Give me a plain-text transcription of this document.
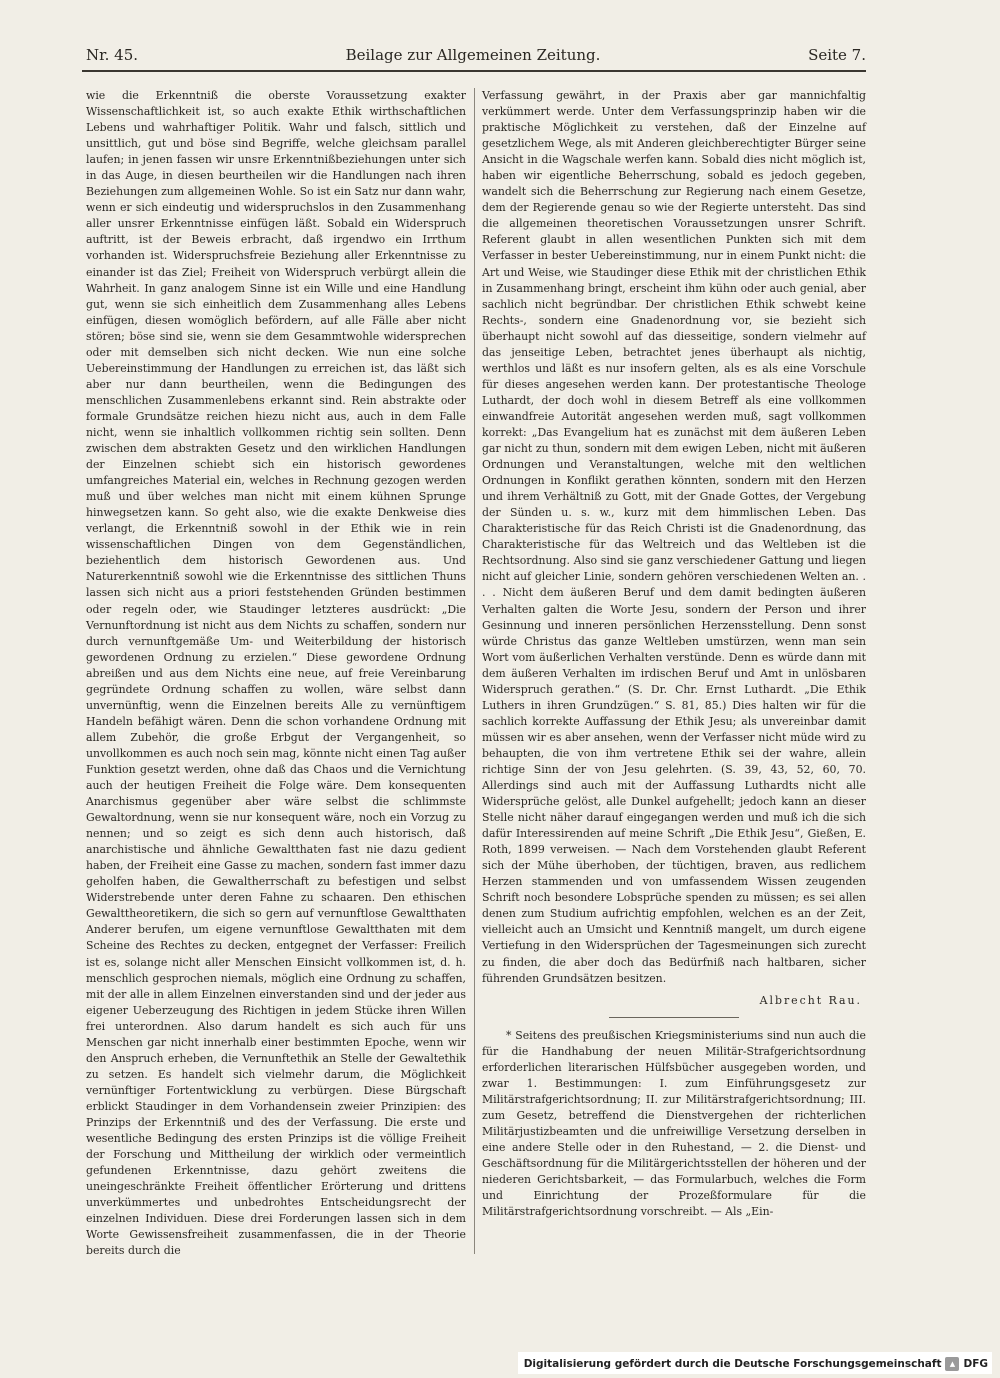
Nr. 45.	Beilage zur Allgemeinen Zeitung.	Seite 7.

wie die Erkenntniß die oberste Voraussetzung exakter Wissenschaftlichkeit ist, so auch exakte Ethik wirthschaftlichen Lebens und wahrhaftiger Politik. Wahr und falsch, sittlich und unsittlich, gut und böse sind Begriffe, welche gleichsam parallel laufen; in jenen fassen wir unsre Erkenntnißbeziehungen unter sich in das Auge, in diesen beurtheilen wir die Handlungen nach ihren Beziehungen zum allgemeinen Wohle. So ist ein Satz nur dann wahr, wenn er sich eindeutig und widerspruchslos in den Zusammenhang aller unsrer Erkenntnisse einfügen läßt. Sobald ein Widerspruch auftritt, ist der Beweis erbracht, daß irgendwo ein Irrthum vorhanden ist. Widerspruchsfreie Beziehung aller Erkenntnisse zu einander ist das Ziel; Freiheit von Widerspruch verbürgt allein die Wahrheit. In ganz analogem Sinne ist ein Wille und eine Handlung gut, wenn sie sich einheitlich dem Zusammenhang alles Lebens einfügen, diesen womöglich befördern, auf alle Fälle aber nicht stören; böse sind sie, wenn sie dem Gesammtwohle widersprechen oder mit demselben sich nicht decken. Wie nun eine solche Uebereinstimmung der Handlungen zu erreichen ist, das läßt sich aber nur dann beurtheilen, wenn die Bedingungen des menschlichen Zusammenlebens erkannt sind. Rein abstrakte oder formale Grundsätze reichen hiezu nicht aus, auch in dem Falle nicht, wenn sie inhaltlich vollkommen richtig sein sollten. Denn zwischen dem abstrakten Gesetz und den wirklichen Handlungen der Einzelnen schiebt sich ein historisch gewordenes umfangreiches Material ein, welches in Rechnung gezogen werden muß und über welches man nicht mit einem kühnen Sprunge hinwegsetzen kann. So geht also, wie die exakte Denkweise dies verlangt, die Erkenntniß sowohl in der Ethik wie in rein wissenschaftlichen Dingen von dem Gegenständlichen, beziehentlich dem historisch Gewordenen aus. Und Naturerkenntniß sowohl wie die Erkenntnisse des sittlichen Thuns lassen sich nicht aus a priori feststehenden Gründen bestimmen oder regeln oder, wie Staudinger letzteres ausdrückt: „Die Vernunftordnung ist nicht aus dem Nichts zu schaffen, sondern nur durch vernunftgemäße Um- und Weiterbildung der historisch gewordenen Ordnung zu erzielen.“ Diese gewordene Ordnung abreißen und aus dem Nichts eine neue, auf freie Vereinbarung gegründete Ordnung schaffen zu wollen, wäre selbst dann unvernünftig, wenn die Einzelnen bereits Alle zu vernünftigem Handeln befähigt wären. Denn die schon vorhandene Ordnung mit allem Zubehör, die große Erbgut der Vergangenheit, so unvollkommen es auch noch sein mag, könnte nicht einen Tag außer Funktion gesetzt werden, ohne daß das Chaos und die Vernichtung auch der heutigen Freiheit die Folge wäre. Dem konsequenten Anarchismus gegenüber aber wäre selbst die schlimmste Gewaltordnung, wenn sie nur konsequent wäre, noch ein Vorzug zu nennen; und so zeigt es sich denn auch historisch, daß anarchistische und ähnliche Gewaltthaten fast nie dazu gedient haben, der Freiheit eine Gasse zu machen, sondern fast immer dazu geholfen haben, die Gewaltherrschaft zu befestigen und selbst Widerstrebende unter deren Fahne zu schaaren. Den ethischen Gewalttheoretikern, die sich so gern auf vernunftlose Gewaltthaten Anderer berufen, um eigene vernunftlose Gewaltthaten mit dem Scheine des Rechtes zu decken, entgegnet der Verfasser: Freilich ist es, solange nicht aller Menschen Einsicht vollkommen ist, d. h. menschlich gesprochen niemals, möglich eine Ordnung zu schaffen, mit der alle in allem Einzelnen einverstanden sind und der jeder aus eigener Ueberzeugung des Richtigen in jedem Stücke ihren Willen frei unterordnen. Also darum handelt es sich auch für uns Menschen gar nicht innerhalb einer bestimmten Epoche, wenn wir den Anspruch erheben, die Vernunftethik an Stelle der Gewaltethik zu setzen. Es handelt sich vielmehr darum, die Möglichkeit vernünftiger Fortentwicklung zu verbürgen. Diese Bürgschaft erblickt Staudinger in dem Vorhandensein zweier Prinzipien: des Prinzips der Erkenntniß und des der Verfassung. Die erste und wesentliche Bedingung des ersten Prinzips ist die völlige Freiheit der Forschung und Mittheilung der wirklich oder vermeintlich gefundenen Erkenntnisse, dazu gehört zweitens die uneingeschränkte Freiheit öffentlicher Erörterung und drittens unverkümmertes und unbedrohtes Entscheidungsrecht der einzelnen Individuen. Diese drei Forderungen lassen sich in dem Worte Gewissensfreiheit zusammenfassen, die in der Theorie bereits durch die

Verfassung gewährt, in der Praxis aber gar mannichfaltig verkümmert werde. Unter dem Verfassungsprinzip haben wir die praktische Möglichkeit zu verstehen, daß der Einzelne auf gesetzlichem Wege, als mit Anderen gleichberechtigter Bürger seine Ansicht in die Wagschale werfen kann. Sobald dies nicht möglich ist, haben wir eigentliche Beherrschung, sobald es jedoch gegeben, wandelt sich die Beherrschung zur Regierung nach einem Gesetze, dem der Regierende genau so wie der Regierte untersteht. Das sind die allgemeinen theoretischen Voraussetzungen unsrer Schrift. Referent glaubt in allen wesentlichen Punkten sich mit dem Verfasser in bester Uebereinstimmung, nur in einem Punkt nicht: die Art und Weise, wie Staudinger diese Ethik mit der christlichen Ethik in Zusammenhang bringt, erscheint ihm kühn oder auch genial, aber sachlich nicht begründbar. Der christlichen Ethik schwebt keine Rechts-, sondern eine Gnadenordnung vor, sie bezieht sich überhaupt nicht sowohl auf das diesseitige, sondern vielmehr auf das jenseitige Leben, betrachtet jenes überhaupt als nichtig, werthlos und läßt es nur insofern gelten, als es als eine Vorschule für dieses angesehen werden kann. Der protestantische Theologe Luthardt, der doch wohl in diesem Betreff als eine vollkommen einwandfreie Autorität angesehen werden muß, sagt vollkommen korrekt: „Das Evangelium hat es zunächst mit dem äußeren Leben gar nicht zu thun, sondern mit dem ewigen Leben, nicht mit äußeren Ordnungen und Veranstaltungen, welche mit den weltlichen Ordnungen in Konflikt gerathen könnten, sondern mit den Herzen und ihrem Verhältniß zu Gott, mit der Gnade Gottes, der Vergebung der Sünden u. s. w., kurz mit dem himmlischen Leben. Das Charakteristische für das Reich Christi ist die Gnadenordnung, das Charakteristische für das Weltreich und das Weltleben ist die Rechtsordnung. Also sind sie ganz verschiedener Gattung und liegen nicht auf gleicher Linie, sondern gehören verschiedenen Welten an. . . . Nicht dem äußeren Beruf und dem damit bedingten äußeren Verhalten galten die Worte Jesu, sondern der Person und ihrer Gesinnung und inneren persönlichen Herzensstellung. Denn sonst würde Christus das ganze Weltleben umstürzen, wenn man sein Wort vom äußerlichen Verhalten verstünde. Denn es würde dann mit dem äußeren Verhalten im irdischen Beruf und Amt in unlösbaren Widerspruch gerathen.“ (S. Dr. Chr. Ernst Luthardt. „Die Ethik Luthers in ihren Grundzügen.“ S. 81, 85.) Dies halten wir für die sachlich korrekte Auffassung der Ethik Jesu; als unvereinbar damit müssen wir es aber ansehen, wenn der Verfasser nicht müde wird zu behaupten, die von ihm vertretene Ethik sei der wahre, allein richtige Sinn der von Jesu gelehrten. (S. 39, 43, 52, 60, 70. Allerdings sind auch mit der Auffassung Luthardts nicht alle Widersprüche gelöst, alle Dunkel aufgehellt; jedoch kann an dieser Stelle nicht näher darauf eingegangen werden und muß ich die sich dafür Interessirenden auf meine Schrift „Die Ethik Jesu“, Gießen, E. Roth, 1899 verweisen. — Nach dem Vorstehenden glaubt Referent sich der Mühe überhoben, der tüchtigen, braven, aus redlichem Herzen stammenden und von umfassendem Wissen zeugenden Schrift noch besondere Lobsprüche spenden zu müssen; es sei allen denen zum Studium aufrichtig empfohlen, welchen es an der Zeit, vielleicht auch an Umsicht und Kenntniß mangelt, um durch eigene Vertiefung in den Widersprüchen der Tagesmeinungen sich zurecht zu finden, die aber doch das Bedürfniß nach haltbaren, sicher führenden Grundsätzen besitzen.

Albrecht Rau.

* Seitens des preußischen Kriegsministeriums sind nun auch die für die Handhabung der neuen Militär-Strafgerichtsordnung erforderlichen literarischen Hülfsbücher ausgegeben worden, und zwar 1. Bestimmungen: I. zum Einführungsgesetz zur Militärstrafgerichtsordnung; II. zur Militärstrafgerichtsordnung; III. zum Gesetz, betreffend die Dienstvergehen der richterlichen Militärjustizbeamten und die unfreiwillige Versetzung derselben in eine andere Stelle oder in den Ruhestand, — 2. die Dienst- und Geschäftsordnung für die Militärgerichtsstellen der höheren und der niederen Gerichtsbarkeit, — das Formularbuch, welches die Form und Einrichtung der Prozeßformulare für die Militärstrafgerichtsordnung vorschreibt. — Als „Ein-

Digitalisierung gefördert durch die Deutsche Forschungsgemeinschaft	▲ DFG
